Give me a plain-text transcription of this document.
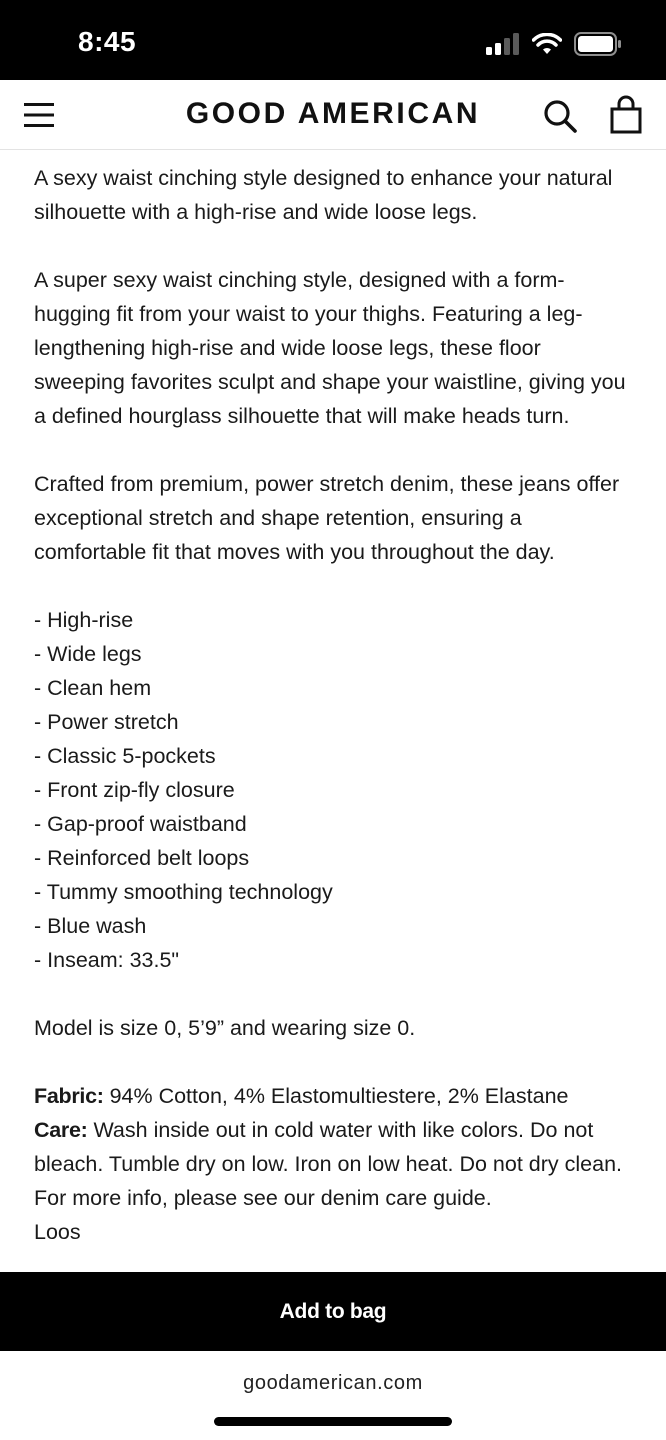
8:45
GOOD AMERICAN

A sexy waist cinching style designed to enhance your natural silhouette with a high-rise and wide loose legs.

A super sexy waist cinching style, designed with a form-hugging fit from your waist to your thighs. Featuring a leg-lengthening high-rise and wide loose legs, these floor sweeping favorites sculpt and shape your waistline, giving you a defined hourglass silhouette that will make heads turn.

Crafted from premium, power stretch denim, these jeans offer exceptional stretch and shape retention, ensuring a comfortable fit that moves with you throughout the day.

- High-rise
- Wide legs
- Clean hem
- Power stretch
- Classic 5-pockets
- Front zip-fly closure
- Gap-proof waistband
- Reinforced belt loops
- Tummy smoothing technology
- Blue wash
- Inseam: 33.5"

Model is size 0, 5’9” and wearing size 0.

Fabric: 94% Cotton, 4% Elastomultiestere, 2% Elastane

Care: Wash inside out in cold water with like colors. Do not bleach. Tumble dry on low. Iron on low heat. Do not dry clean. For more info, please see our denim care guide.

Loos

Add to bag
goodamerican.com
